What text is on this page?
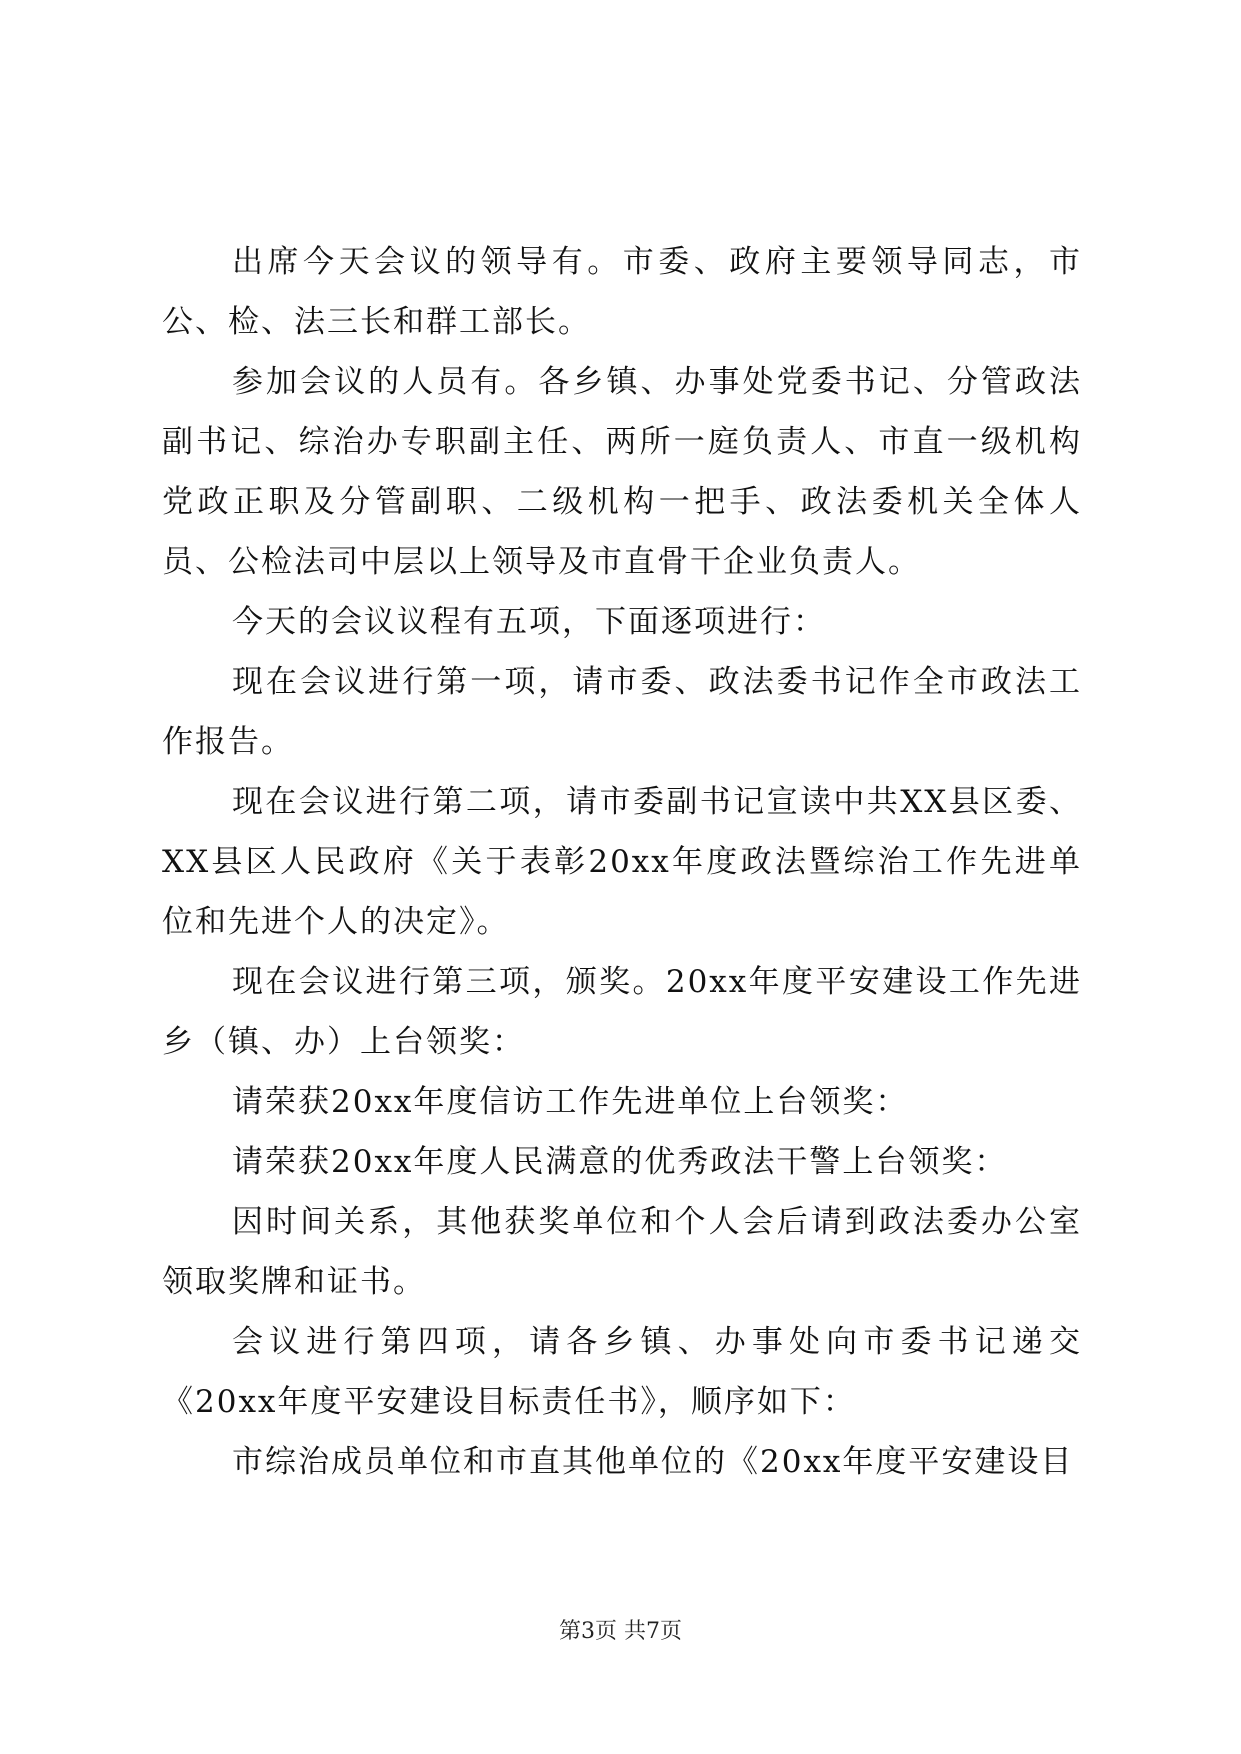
出席今天会议的领导有。市委、政府主要领导同志，市公、检、法三长和群工部长。

参加会议的人员有。各乡镇、办事处党委书记、分管政法副书记、综治办专职副主任、两所一庭负责人、市直一级机构党政正职及分管副职、二级机构一把手、政法委机关全体人员、公检法司中层以上领导及市直骨干企业负责人。

今天的会议议程有五项，下面逐项进行：

现在会议进行第一项，请市委、政法委书记作全市政法工作报告。

现在会议进行第二项，请市委副书记宣读中共XX县区委、XX县区人民政府《关于表彰20xx年度政法暨综治工作先进单位和先进个人的决定》。

现在会议进行第三项，颁奖。20xx年度平安建设工作先进乡（镇、办）上台领奖：

请荣获20xx年度信访工作先进单位上台领奖：

请荣获20xx年度人民满意的优秀政法干警上台领奖：

因时间关系，其他获奖单位和个人会后请到政法委办公室领取奖牌和证书。

会议进行第四项，请各乡镇、办事处向市委书记递交《20xx年度平安建设目标责任书》，顺序如下：

市综治成员单位和市直其他单位的《20xx年度平安建设目

第3页 共7页
